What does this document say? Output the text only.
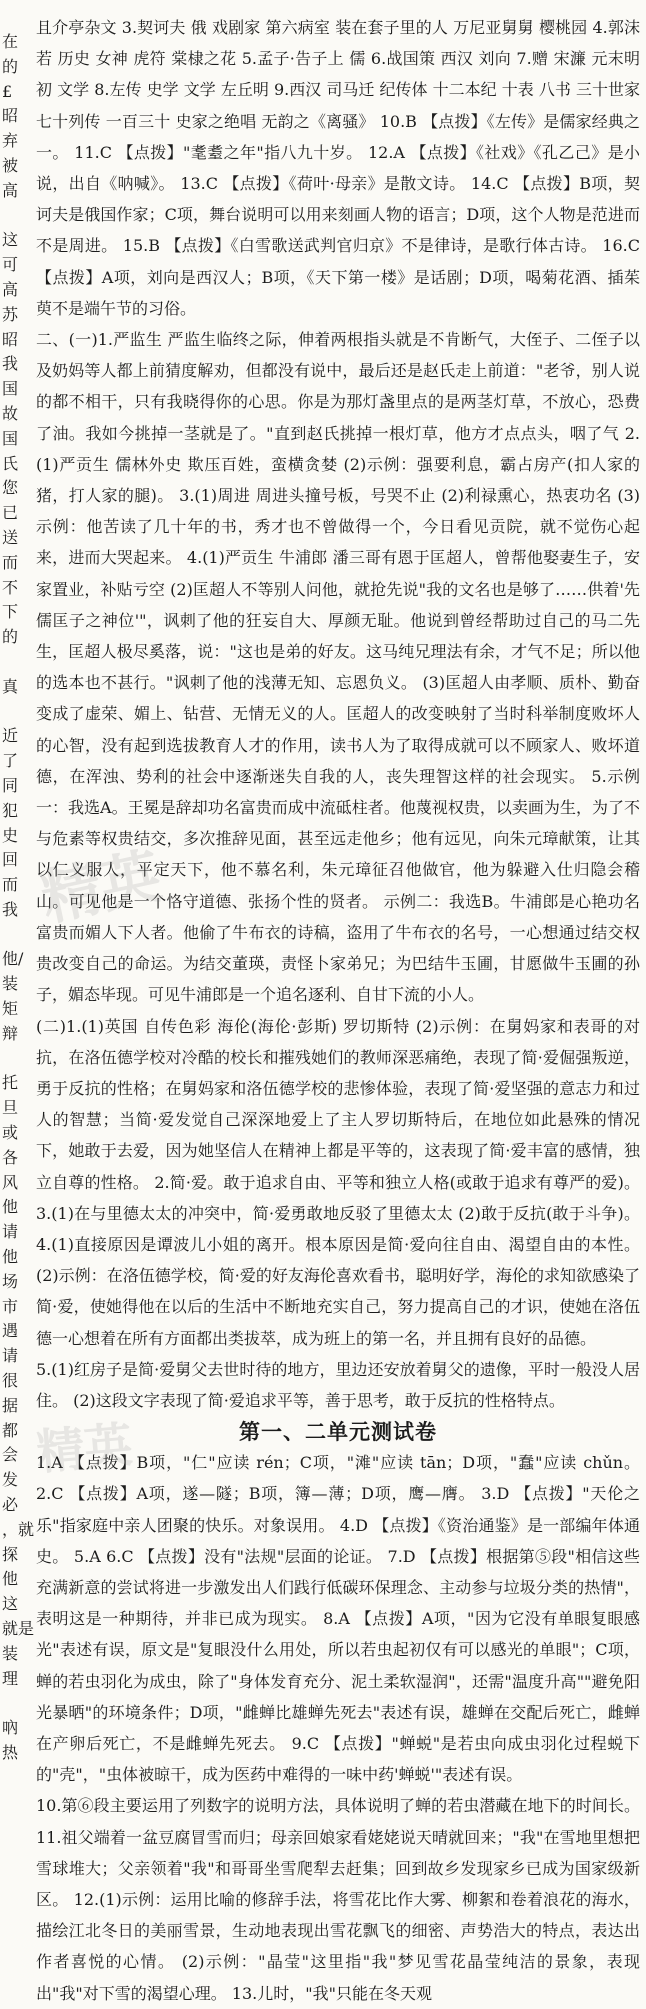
在
的
£
昭
弃
被
高

这
可
高
苏
昭
我
国
故
国
氏
您
已
送
而
不
下
的

真

近
了
同
犯
史
回
而
我

他/
装
矩
辩

托
旦
或
各
风
他
请
他
场
市
遇
请
很
据
都
会
发
必
，就
探
他
这
就是
装
理

吶
热

且介亭杂文 3.契诃夫 俄 戏剧家 第六病室 装在套子里的人 万尼亚舅舅 樱桃园 4.郭沫若 历史 女神 虎符 棠棣之花 5.孟子·告子上 儒 6.战国策 西汉 刘向 7.赠 宋濂 元末明初 文学 8.左传 史学 文学 左丘明 9.西汉 司马迁 纪传体 十二本纪 十表 八书 三十世家 七十列传 一百三十 史家之绝唱 无韵之《离骚》 10.B 【点拨】《左传》是儒家经典之一。 11.C 【点拨】"耄耋之年"指八九十岁。 12.A 【点拨】《社戏》《孔乙己》是小说，出自《呐喊》。 13.C 【点拨】《荷叶·母亲》是散文诗。 14.C 【点拨】B项，契诃夫是俄国作家；C项，舞台说明可以用来刻画人物的语言；D项，这个人物是范进而不是周进。 15.B 【点拨】《白雪歌送武判官归京》不是律诗，是歌行体古诗。 16.C 【点拨】A项，刘向是西汉人；B项，《天下第一楼》是话剧；D项，喝菊花酒、插茱萸不是端午节的习俗。

二、(一)1.严监生 严监生临终之际，伸着两根指头就是不肯断气，大侄子、二侄子以及奶妈等人都上前猜度解劝，但都没有说中，最后还是赵氏走上前道："老爷，别人说的都不相干，只有我晓得你的心思。你是为那灯盏里点的是两茎灯草，不放心，恐费了油。我如今挑掉一茎就是了。"直到赵氏挑掉一根灯草，他方才点点头，咽了气 2.(1)严贡生 儒林外史 欺压百姓，蛮横贪婪 (2)示例：强要利息，霸占房产(扣人家的猪，打人家的腿)。 3.(1)周进 周进头撞号板，号哭不止 (2)利禄熏心，热衷功名 (3)示例：他苦读了几十年的书，秀才也不曾做得一个，今日看见贡院，就不觉伤心起来，进而大哭起来。 4.(1)严贡生 牛浦郎 潘三哥有恩于匡超人，曾帮他娶妻生子，安家置业，补贴亏空 (2)匡超人不等别人问他，就抢先说"我的文名也是够了……供着'先儒匡子之神位'"，讽刺了他的狂妄自大、厚颜无耻。他说到曾经帮助过自己的马二先生，匡超人极尽奚落，说："这也是弟的好友。这马纯兄理法有余，才气不足；所以他的选本也不甚行。"讽刺了他的浅薄无知、忘恩负义。 (3)匡超人由孝顺、质朴、勤奋变成了虚荣、媚上、钻营、无情无义的人。匡超人的改变映射了当时科举制度败坏人的心智，没有起到选拔教育人才的作用，读书人为了取得成就可以不顾家人、败坏道德，在浑浊、势利的社会中逐渐迷失自我的人，丧失理智这样的社会现实。 5.示例一：我选A。王冕是辞却功名富贵而成中流砥柱者。他蔑视权贵，以卖画为生，为了不与危素等权贵结交，多次推辞见面，甚至远走他乡；他有远见，向朱元璋献策，让其以仁义服人，平定天下，他不慕名利，朱元璋征召他做官，他为躲避入仕归隐会稽山。可见他是一个恪守道德、张扬个性的贤者。 示例二：我选B。牛浦郎是心艳功名富贵而媚人下人者。他偷了牛布衣的诗稿，盗用了牛布衣的名号，一心想通过结交权贵改变自己的命运。为结交董瑛，责怪卜家弟兄；为巴结牛玉圃，甘愿做牛玉圃的孙子，媚态毕现。可见牛浦郎是一个追名逐利、自甘下流的小人。

(二)1.(1)英国 自传色彩 海伦(海伦·彭斯) 罗切斯特 (2)示例：在舅妈家和表哥的对抗，在洛伍德学校对冷酷的校长和摧残她们的教师深恶痛绝，表现了简·爱倔强叛逆，勇于反抗的性格；在舅妈家和洛伍德学校的悲惨体验，表现了简·爱坚强的意志力和过人的智慧；当简·爱发觉自己深深地爱上了主人罗切斯特后，在地位如此悬殊的情况下，她敢于去爱，因为她坚信人在精神上都是平等的，这表现了简·爱丰富的感情，独立自尊的性格。 2.简·爱。敢于追求自由、平等和独立人格(或敢于追求有尊严的爱)。 3.(1)在与里德太太的冲突中，简·爱勇敢地反驳了里德太太 (2)敢于反抗(敢于斗争)。 4.(1)直接原因是谭波儿小姐的离开。根本原因是简·爱向往自由、渴望自由的本性。 (2)示例：在洛伍德学校，简·爱的好友海伦喜欢看书，聪明好学，海伦的求知欲感染了简·爱，使她得他在以后的生活中不断地充实自己，努力提高自己的才识，使她在洛伍德一心想着在所有方面都出类拔萃，成为班上的第一名，并且拥有良好的品德。

5.(1)红房子是简·爱舅父去世时待的地方，里边还安放着舅父的遗像，平时一般没人居住。 (2)这段文字表现了简·爱追求平等，善于思考，敢于反抗的性格特点。

第一、二单元测试卷

1.A 【点拨】B项，"仁"应读 rén；C项，"滩"应读 tān；D项，"蠢"应读 chǔn。 2.C 【点拨】A项，遂—隧；B项，簿—薄；D项，鹰—膺。 3.D 【点拨】"天伦之乐"指家庭中亲人团聚的快乐。对象误用。 4.D 【点拨】《资治通鉴》是一部编年体通史。 5.A 6.C 【点拨】没有"法规"层面的论证。 7.D 【点拨】根据第⑤段"相信这些充满新意的尝试将进一步激发出人们践行低碳环保理念、主动参与垃圾分类的热情"，表明这是一种期待，并非已成为现实。 8.A 【点拨】A项，"因为它没有单眼复眼感光"表述有误，原文是"复眼没什么用处，所以若虫起初仅有可以感光的单眼"；C项，蝉的若虫羽化为成虫，除了"身体发育充分、泥土柔软湿润"，还需"温度升高""避免阳光暴晒"的环境条件；D项，"雌蝉比雄蝉先死去"表述有误，雄蝉在交配后死亡，雌蝉在产卵后死亡，不是雌蝉先死去。 9.C 【点拨】"蝉蜕"是若虫向成虫羽化过程蜕下的"壳"，"虫体被晾干，成为医药中难得的一味中药'蝉蜕'"表述有误。

10.第⑥段主要运用了列数字的说明方法，具体说明了蝉的若虫潜藏在地下的时间长。 11.祖父端着一盆豆腐冒雪而归；母亲回娘家看姥姥说天晴就回来；"我"在雪地里想把雪球堆大；父亲领着"我"和哥哥坐雪爬犁去赶集；回到故乡发现家乡已成为国家级新区。 12.(1)示例：运用比喻的修辞手法，将雪花比作大雾、柳絮和卷着浪花的海水，描绘江北冬日的美丽雪景，生动地表现出雪花飘飞的细密、声势浩大的特点，表达出作者喜悦的心情。 (2)示例："晶莹"这里指"我"梦见雪花晶莹纯洁的景象，表现出"我"对下雪的渴望心理。 13.儿时，"我"只能在冬天观

精英
精英
